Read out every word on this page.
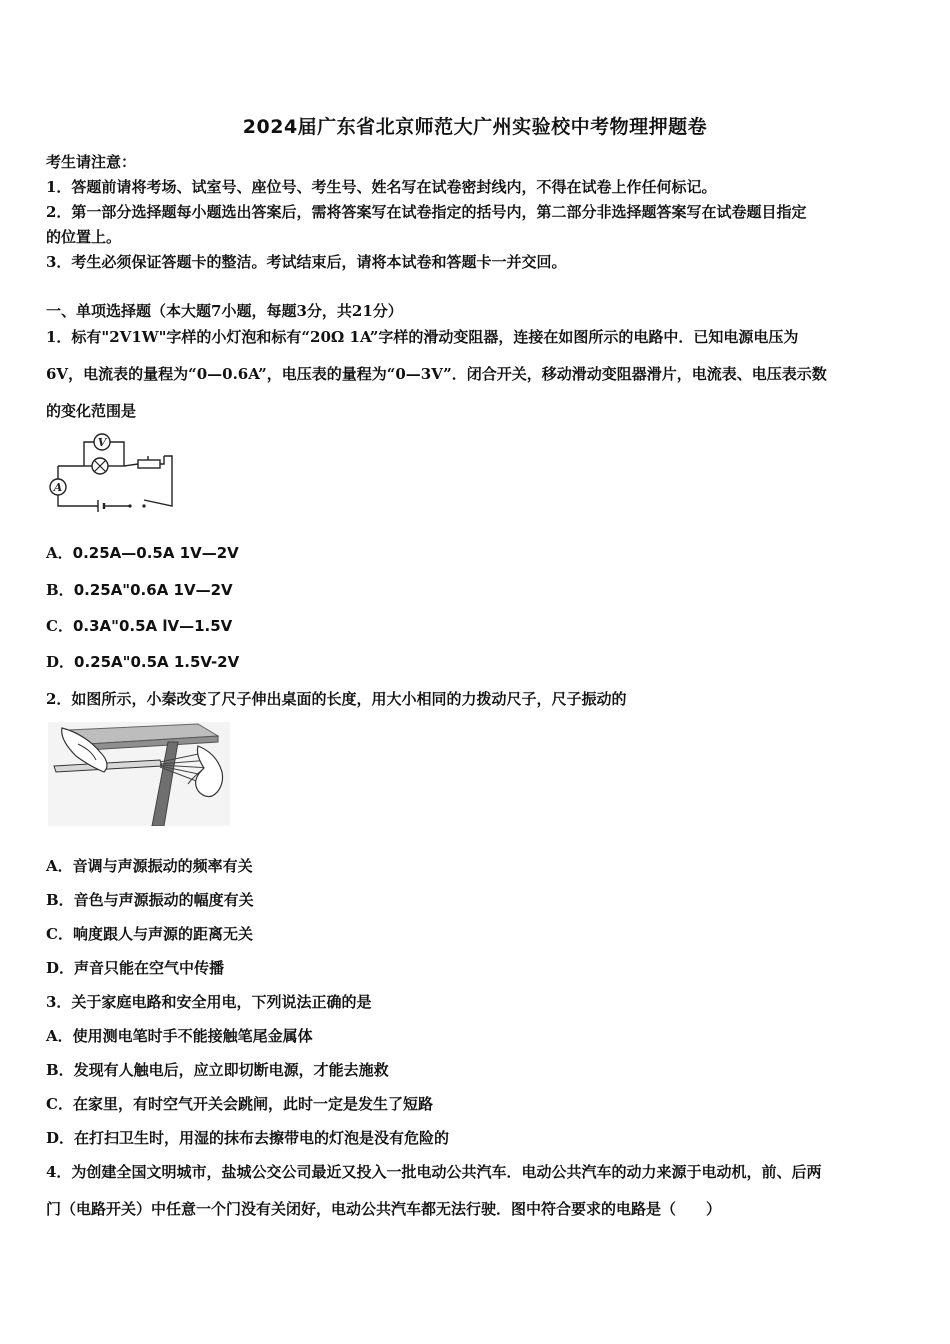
2024届广东省北京师范大广州实验校中考物理押题卷
考生请注意：
1．答题前请将考场、试室号、座位号、考生号、姓名写在试卷密封线内，不得在试卷上作任何标记。
2．第一部分选择题每小题选出答案后，需将答案写在试卷指定的括号内，第二部分非选择题答案写在试卷题目指定
的位置上。
3．考生必须保证答题卡的整洁。考试结束后，请将本试卷和答题卡一并交回。
一、单项选择题（本大题7小题，每题3分，共21分）
1．标有"2V1W"字样的小灯泡和标有“20Ω 1A”字样的滑动变阻器，连接在如图所示的电路中．已知电源电压为
6V，电流表的量程为“0—0.6A”，电压表的量程为“0—3V”．闭合开关，移动滑动变阻器滑片，电流表、电压表示数
的变化范围是
V
A
A．0.25A—0.5A 1V—2V
B．0.25A"0.6A 1V—2V
C．0.3A"0.5A lV—1.5V
D．0.25A"0.5A 1.5V-2V
2．如图所示，小秦改变了尺子伸出桌面的长度，用大小相同的力拨动尺子，尺子振动的
A．音调与声源振动的频率有关
B．音色与声源振动的幅度有关
C．响度跟人与声源的距离无关
D．声音只能在空气中传播
3．关于家庭电路和安全用电，下列说法正确的是
A．使用测电笔时手不能接触笔尾金属体
B．发现有人触电后，应立即切断电源，才能去施救
C．在家里，有时空气开关会跳闸，此时一定是发生了短路
D．在打扫卫生时，用湿的抹布去擦带电的灯泡是没有危险的
4．为创建全国文明城市，盐城公交公司最近又投入一批电动公共汽车．电动公共汽车的动力来源于电动机，前、后两
门（电路开关）中任意一个门没有关闭好，电动公共汽车都无法行驶．图中符合要求的电路是（　　）
